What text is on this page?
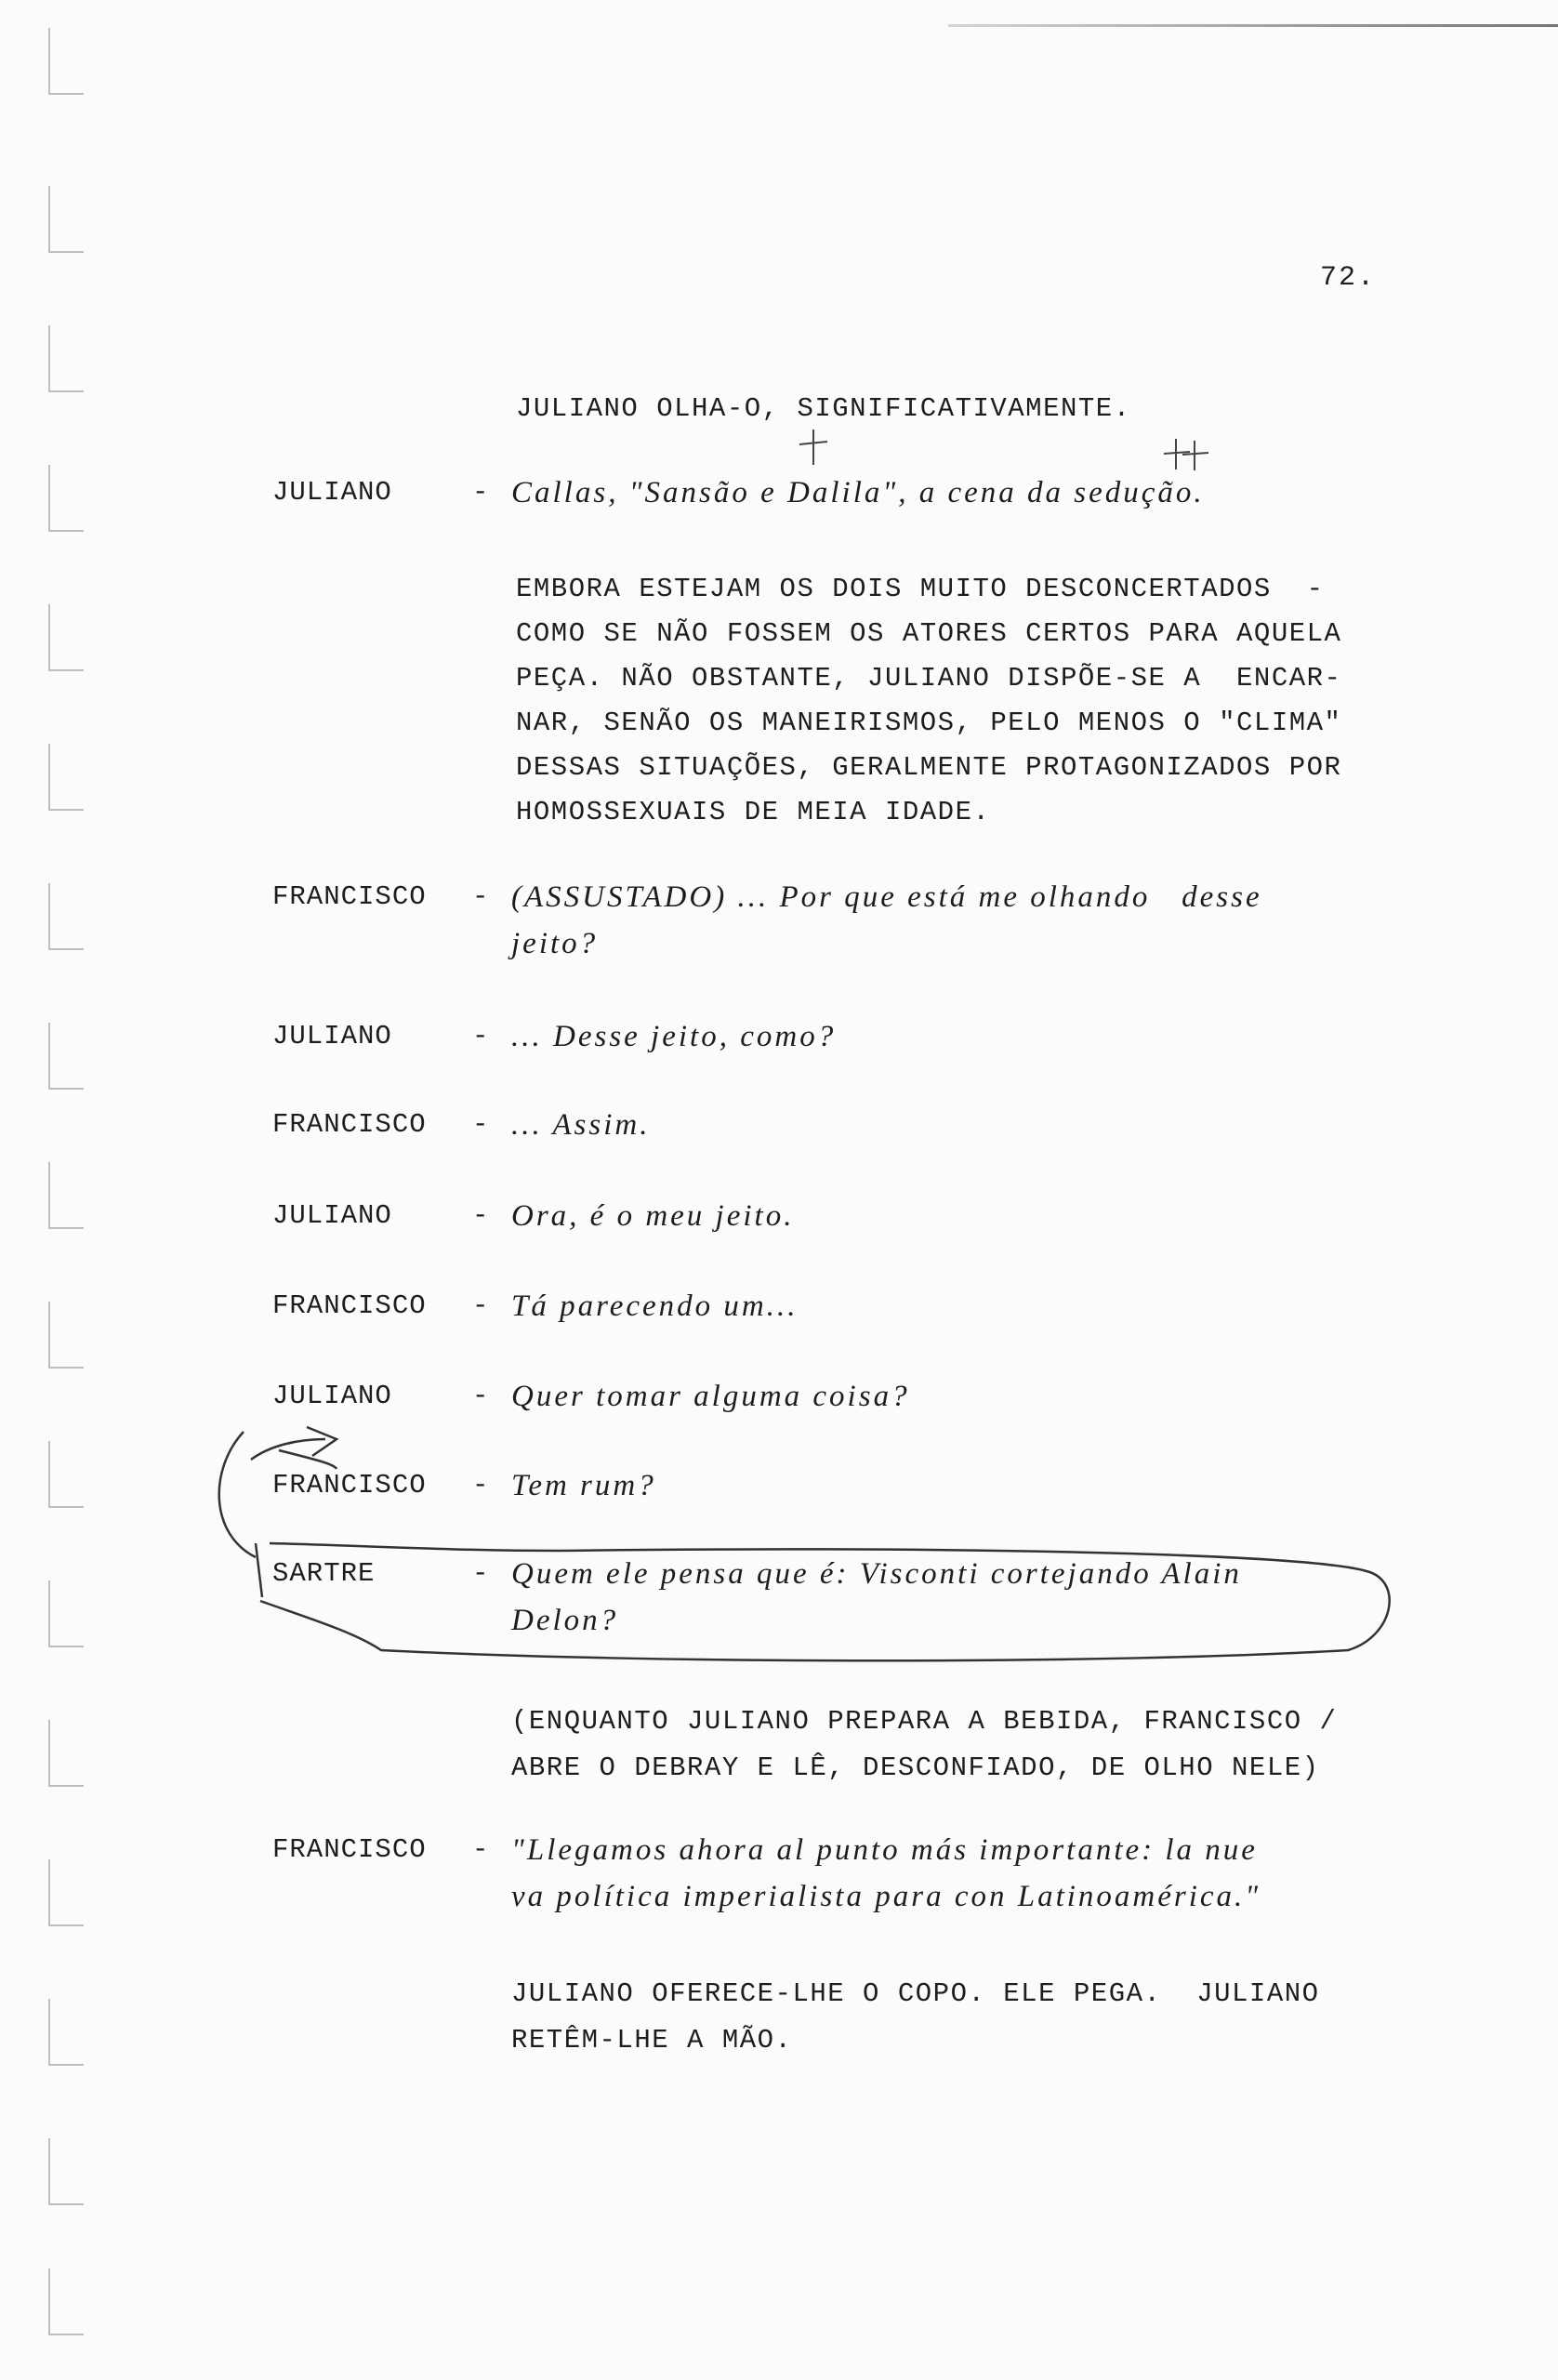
72.

JULIANO OLHA-O, SIGNIFICATIVAMENTE.

JULIANO	- Callas, "Sansão e Dalila", a cena da sedução.

EMBORA ESTEJAM OS DOIS MUITO DESCONCERTADOS  -
COMO SE NÃO FOSSEM OS ATORES CERTOS PARA AQUELA
PEÇA. NÃO OBSTANTE, JULIANO DISPÕE-SE A  ENCAR-
NAR, SENÃO OS MANEIRISMOS, PELO MENOS O "CLIMA"
DESSAS SITUAÇÕES, GERALMENTE PROTAGONIZADOS POR
HOMOSSEXUAIS DE MEIA IDADE.

FRANCISCO - (ASSUSTADO) ... Por que está me olhando   desse
jeito?

JULIANO	- ... Desse jeito, como?

FRANCISCO - ... Assim.

JULIANO	- Ora, é o meu jeito.

FRANCISCO - Tá parecendo um...

JULIANO	- Quer tomar alguma coisa?

FRANCISCO - Tem rum?

SARTRE	- Quem ele pensa que é: Visconti cortejando Alain
Delon?

(ENQUANTO JULIANO PREPARA A BEBIDA, FRANCISCO /
ABRE O DEBRAY E LÊ, DESCONFIADO, DE OLHO NELE)

FRANCISCO - "Llegamos ahora al punto más importante: la nue
va política imperialista para con Latinoamérica."

JULIANO OFERECE-LHE O COPO. ELE PEGA.  JULIANO
RETÊM-LHE A MÃO.
